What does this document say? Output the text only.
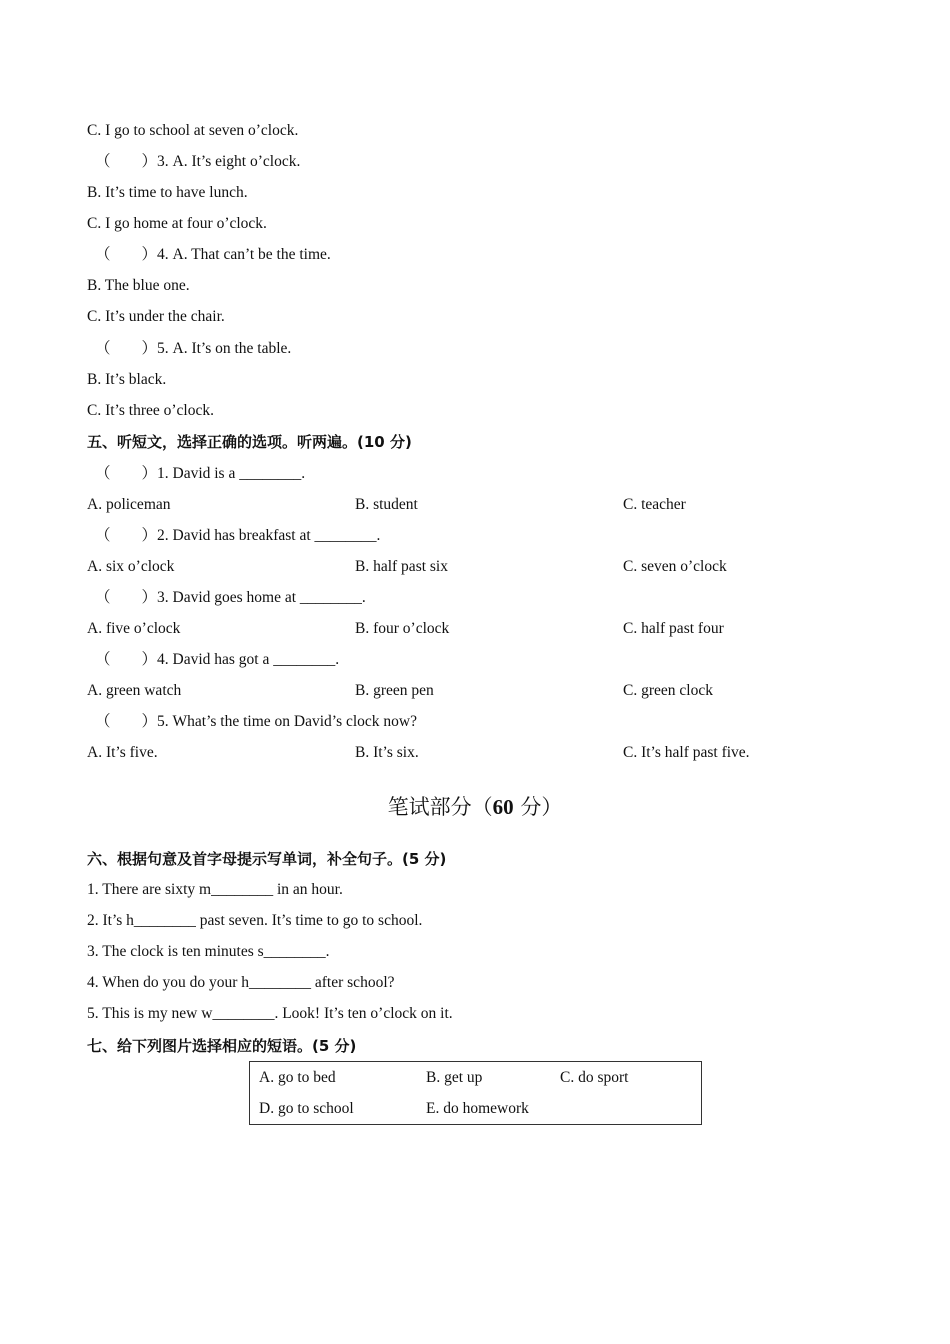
C. I go to school at seven o’clock.
（　　）3. A. It’s eight o’clock.
B. It’s time to have lunch.
C. I go home at four o’clock.
（　　）4. A. That can’t be the time.
B. The blue one.
C. It’s under the chair.
（　　）5. A. It’s on the table.
B. It’s black.
C. It’s three o’clock.
五、听短文，选择正确的选项。听两遍。(10 分)
（　　）1. David is a ________.
A. policeman	B. student	C. teacher
（　　）2. David has breakfast at ________.
A. six o’clock	B. half past six	C. seven o’clock
（　　）3. David goes home at ________.
A. five o’clock	B. four o’clock	C. half past four
（　　）4. David has got a ________.
A. green watch	B. green pen	C. green clock
（　　）5. What’s the time on David’s clock now?
A. It’s five.	B. It’s six.	C. It’s half past five.
笔试部分（60 分）
六、根据句意及首字母提示写单词，补全句子。(5 分)
1. There are sixty m________ in an hour.
2. It’s h________ past seven. It’s time to go to school.
3. The clock is ten minutes s________.
4. When do you do your h________ after school?
5. This is my new w________. Look! It’s ten o’clock on it.
七、给下列图片选择相应的短语。(5 分)
A. go to bed	B. get up	C. do sport
D. go to school	E. do homework
